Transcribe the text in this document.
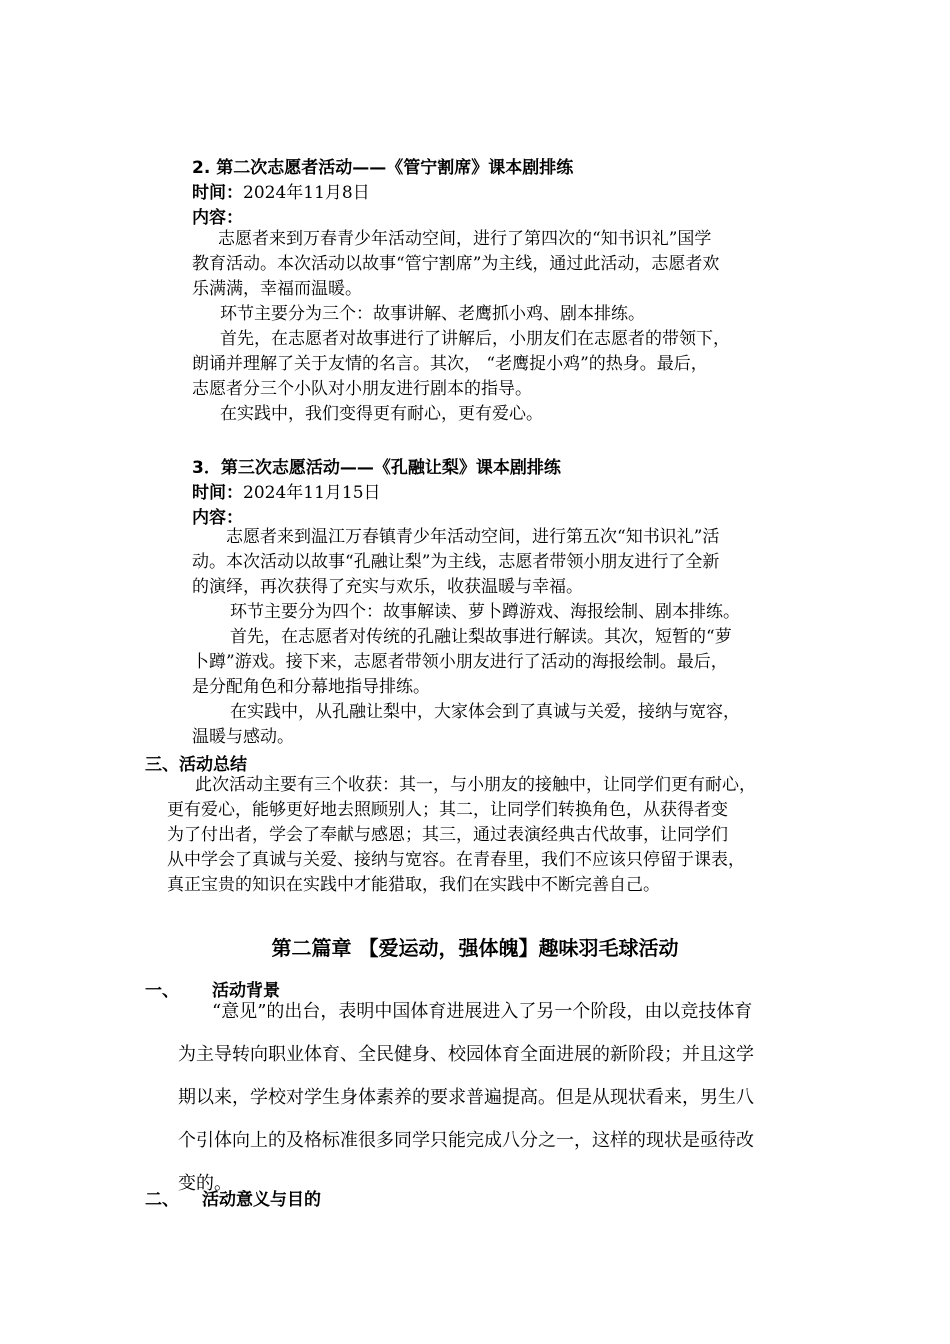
2. 第二次志愿者活动——《管宁割席》课本剧排练
时间：2024年11月8日
内容：
志愿者来到万春青少年活动空间，进行了第四次的“知书识礼”国学
教育活动。本次活动以故事“管宁割席”为主线，通过此活动，志愿者欢
乐满满，幸福而温暖。
环节主要分为三个：故事讲解、老鹰抓小鸡、剧本排练。
首先，在志愿者对故事进行了讲解后，小朋友们在志愿者的带领下，
朗诵并理解了关于友情的名言。其次， “老鹰捉小鸡”的热身。最后，
志愿者分三个小队对小朋友进行剧本的指导。
在实践中，我们变得更有耐心，更有爱心。
3．第三次志愿活动——《孔融让梨》课本剧排练
时间：2024年11月15日
内容：
志愿者来到温江万春镇青少年活动空间，进行第五次“知书识礼”活
动。本次活动以故事“孔融让梨”为主线，志愿者带领小朋友进行了全新
的演绎，再次获得了充实与欢乐，收获温暖与幸福。
环节主要分为四个：故事解读、萝卜蹲游戏、海报绘制、剧本排练。
首先，在志愿者对传统的孔融让梨故事进行解读。其次，短暂的“萝
卜蹲”游戏。接下来，志愿者带领小朋友进行了活动的海报绘制。最后，
是分配角色和分幕地指导排练。
在实践中，从孔融让梨中，大家体会到了真诚与关爱，接纳与宽容，
温暖与感动。
三、活动总结
此次活动主要有三个收获：其一，与小朋友的接触中，让同学们更有耐心，
更有爱心，能够更好地去照顾别人；其二，让同学们转换角色，从获得者变
为了付出者，学会了奉献与感恩；其三，通过表演经典古代故事，让同学们
从中学会了真诚与关爱、接纳与宽容。在青春里，我们不应该只停留于课表，
真正宝贵的知识在实践中才能猎取，我们在实践中不断完善自己。
第二篇章 【爱运动，强体魄】趣味羽毛球活动
一、 活动背景
“意见”的出台，表明中国体育进展进入了另一个阶段，由以竞技体育
为主导转向职业体育、全民健身、校园体育全面进展的新阶段；并且这学
期以来，学校对学生身体素养的要求普遍提高。但是从现状看来，男生八
个引体向上的及格标准很多同学只能完成八分之一，这样的现状是亟待改
变的。
二、 活动意义与目的
